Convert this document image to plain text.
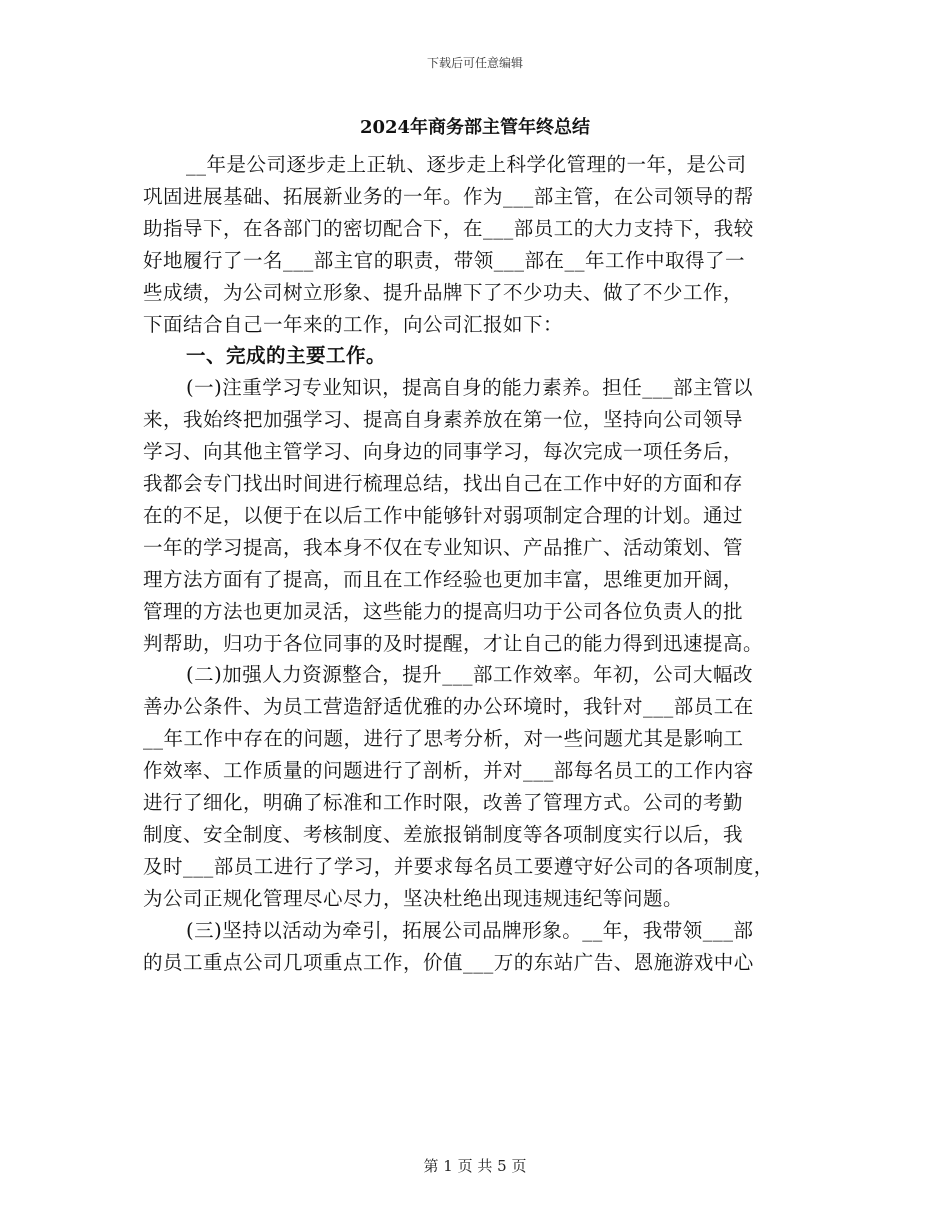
下载后可任意编辑
2024年商务部主管年终总结
__年是公司逐步走上正轨、逐步走上科学化管理的一年，是公司
巩固进展基础、拓展新业务的一年。作为___部主管，在公司领导的帮
助指导下，在各部门的密切配合下，在___部员工的大力支持下，我较
好地履行了一名___部主官的职责，带领___部在__年工作中取得了一
些成绩，为公司树立形象、提升品牌下了不少功夫、做了不少工作，
下面结合自己一年来的工作，向公司汇报如下：
一、完成的主要工作。
(一)注重学习专业知识，提高自身的能力素养。担任___部主管以
来，我始终把加强学习、提高自身素养放在第一位，坚持向公司领导
学习、向其他主管学习、向身边的同事学习，每次完成一项任务后，
我都会专门找出时间进行梳理总结，找出自己在工作中好的方面和存
在的不足，以便于在以后工作中能够针对弱项制定合理的计划。通过
一年的学习提高，我本身不仅在专业知识、产品推广、活动策划、管
理方法方面有了提高，而且在工作经验也更加丰富，思维更加开阔，
管理的方法也更加灵活，这些能力的提高归功于公司各位负责人的批
判帮助，归功于各位同事的及时提醒，才让自己的能力得到迅速提高。
(二)加强人力资源整合，提升___部工作效率。年初，公司大幅改
善办公条件、为员工营造舒适优雅的办公环境时，我针对___部员工在
__年工作中存在的问题，进行了思考分析，对一些问题尤其是影响工
作效率、工作质量的问题进行了剖析，并对___部每名员工的工作内容
进行了细化，明确了标准和工作时限，改善了管理方式。公司的考勤
制度、安全制度、考核制度、差旅报销制度等各项制度实行以后，我
及时___部员工进行了学习，并要求每名员工要遵守好公司的各项制度，
为公司正规化管理尽心尽力，坚决杜绝出现违规违纪等问题。
(三)坚持以活动为牵引，拓展公司品牌形象。__年，我带领___部
的员工重点公司几项重点工作，价值___万的东站广告、恩施游戏中心
第 1 页 共 5 页
